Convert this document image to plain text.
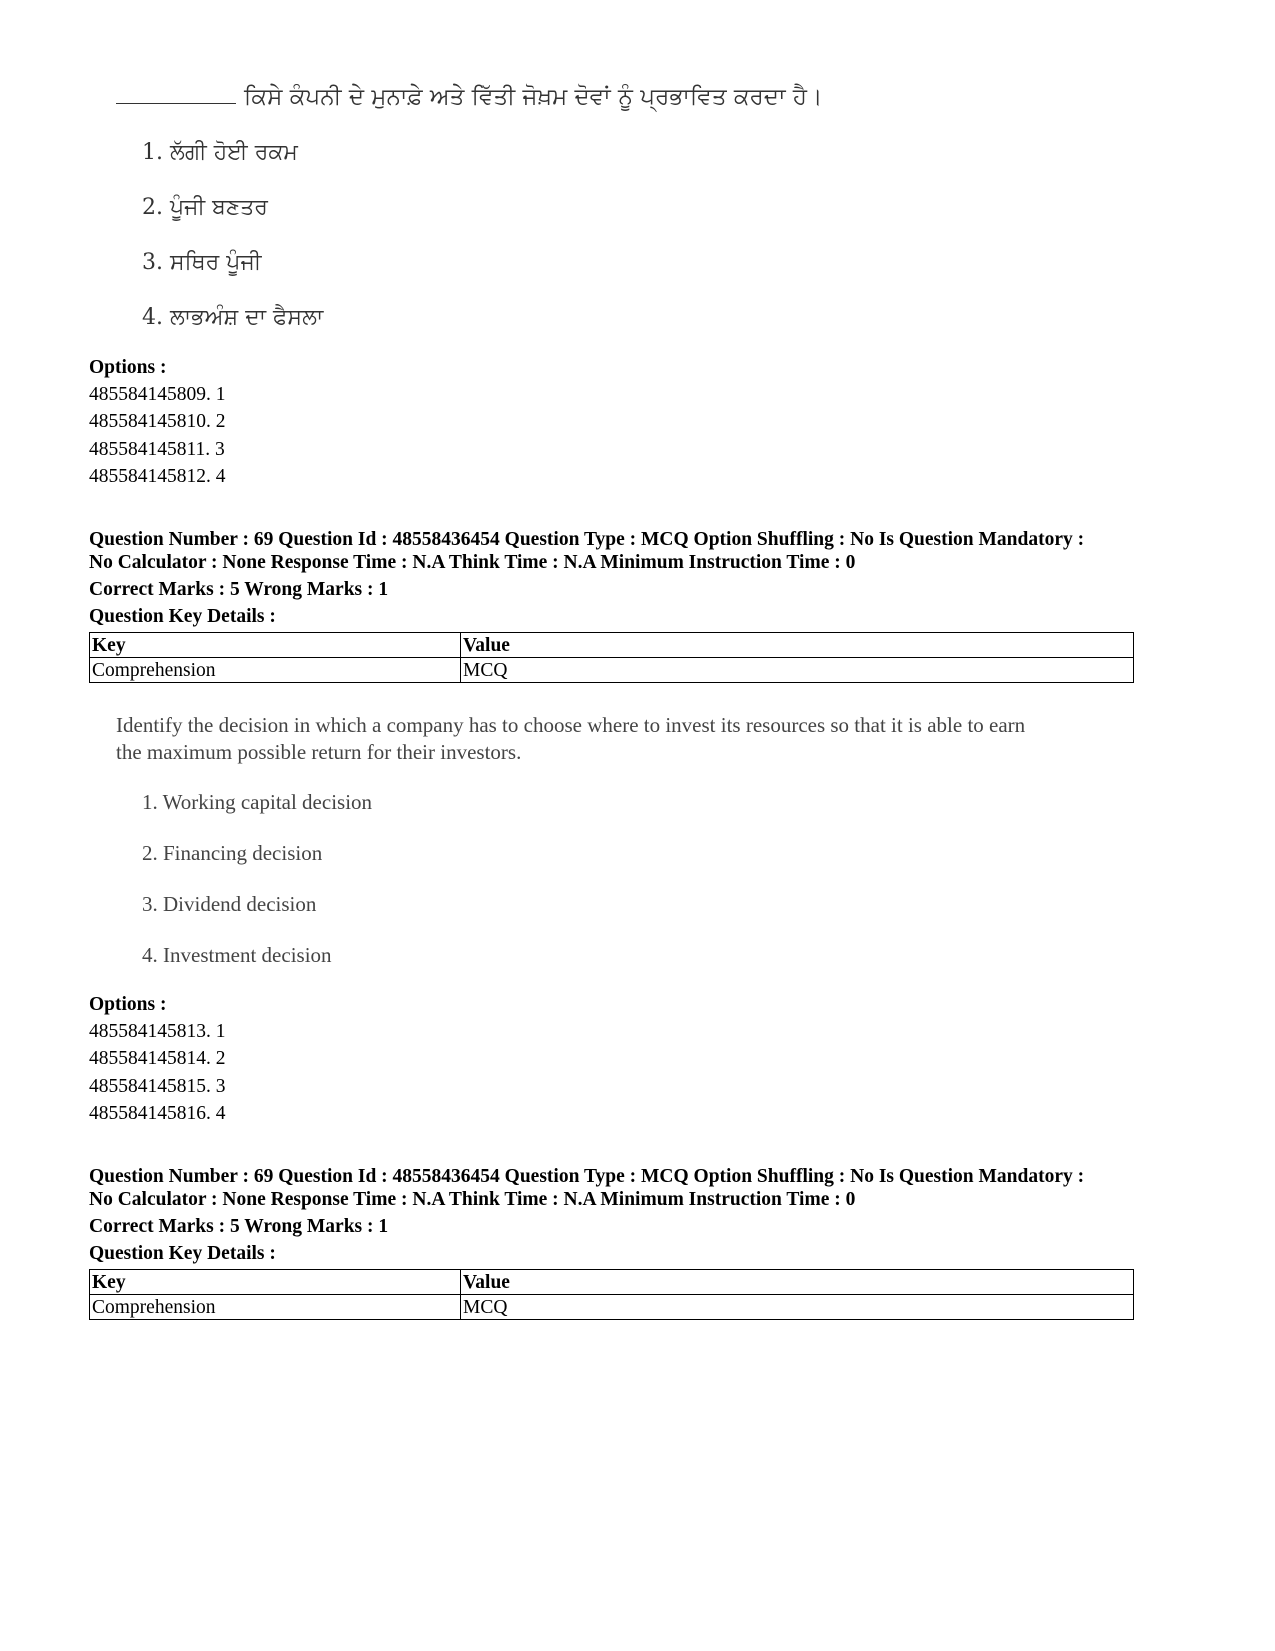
ਕਿਸੇ ਕੰਪਨੀ ਦੇ ਮੁਨਾਫ਼ੇ ਅਤੇ ਵਿੱਤੀ ਜੋਖ਼ਮ ਦੋਵਾਂ ਨੂੰ ਪ੍ਰਭਾਵਿਤ ਕਰਦਾ ਹੈ।
1. ਲੱਗੀ ਹੋਈ ਰਕਮ
2. ਪੂੰਜੀ ਬਣਤਰ
3. ਸਥਿਰ ਪੂੰਜੀ
4. ਲਾਭਅੰਸ਼ ਦਾ ਫੈਸਲਾ
Options :
485584145809. 1
485584145810. 2
485584145811. 3
485584145812. 4
Question Number : 69 Question Id : 48558436454 Question Type : MCQ Option Shuffling : No Is Question Mandatory :
No Calculator : None Response Time : N.A Think Time : N.A Minimum Instruction Time : 0
Correct Marks : 5 Wrong Marks : 1
Question Key Details :
Key	Value
Comprehension	MCQ
Identify the decision in which a company has to choose where to invest its resources so that it is able to earn
the maximum possible return for their investors.
1. Working capital decision
2. Financing decision
3. Dividend decision
4. Investment decision
Options :
485584145813. 1
485584145814. 2
485584145815. 3
485584145816. 4
Question Number : 69 Question Id : 48558436454 Question Type : MCQ Option Shuffling : No Is Question Mandatory :
No Calculator : None Response Time : N.A Think Time : N.A Minimum Instruction Time : 0
Correct Marks : 5 Wrong Marks : 1
Question Key Details :
Key	Value
Comprehension	MCQ
